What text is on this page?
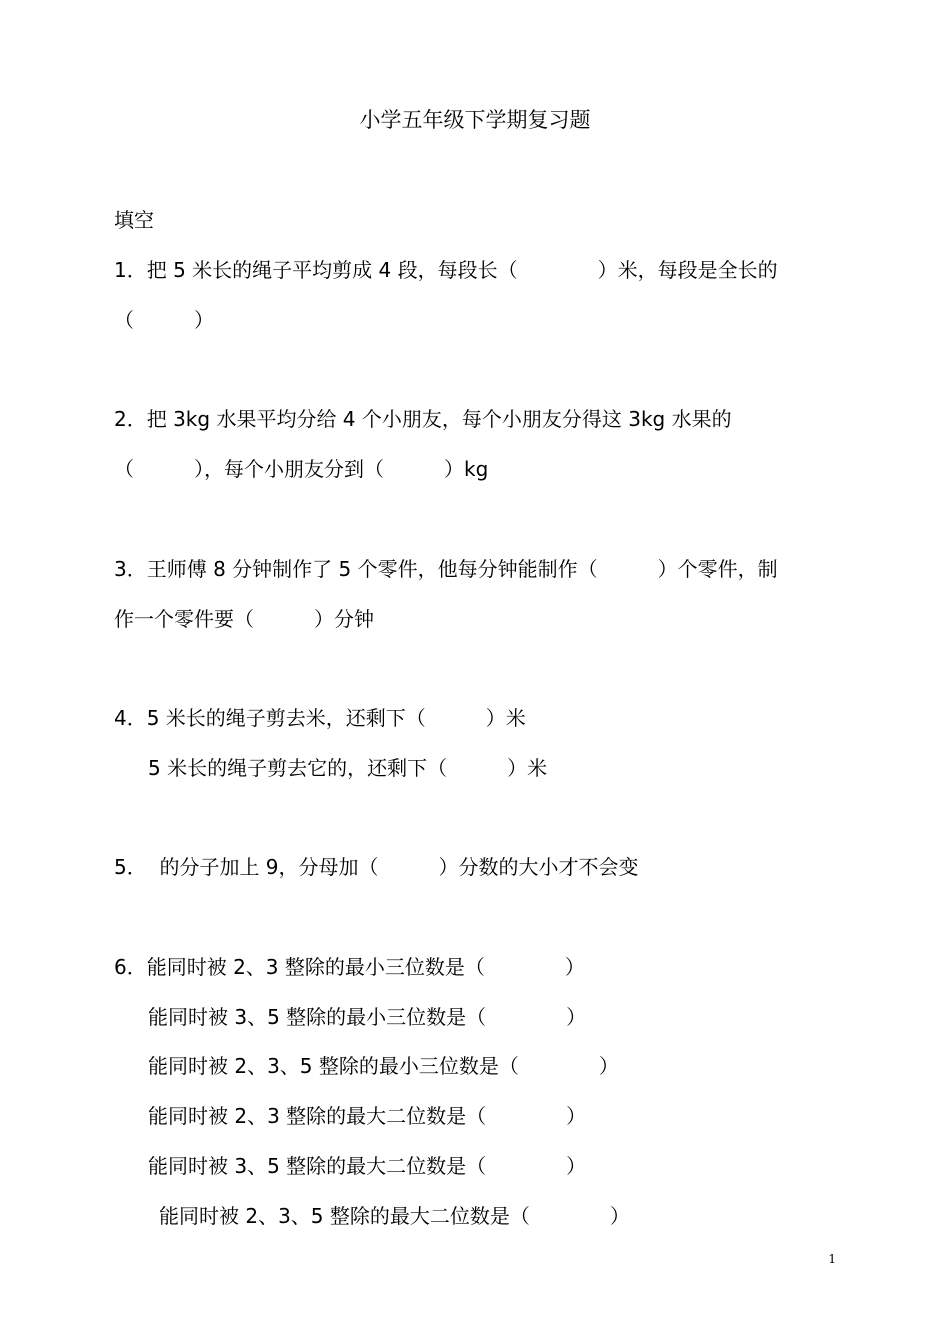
小学五年级下学期复习题
填空
1．把 5 米长的绳子平均剪成 4 段，每段长（　　　　）米，每段是全长的
（　　　）
2．把 3kg 水果平均分给 4 个小朋友，每个小朋友分得这 3kg 水果的
（　　　），每个小朋友分到（　　　）kg
3．王师傅 8 分钟制作了 5 个零件，他每分钟能制作（　　　）个零件，制
作一个零件要（　　　）分钟
4．5 米长的绳子剪去米，还剩下（　　　）米
5 米长的绳子剪去它的，还剩下（　　　）米
5．  的分子加上 9，分母加（　　　）分数的大小才不会变
6．能同时被 2、3 整除的最小三位数是（　　　　）
能同时被 3、5 整除的最小三位数是（　　　　）
能同时被 2、3、5 整除的最小三位数是（　　　　）
能同时被 2、3 整除的最大二位数是（　　　　）
能同时被 3、5 整除的最大二位数是（　　　　）
能同时被 2、3、5 整除的最大二位数是（　　　　）
1
